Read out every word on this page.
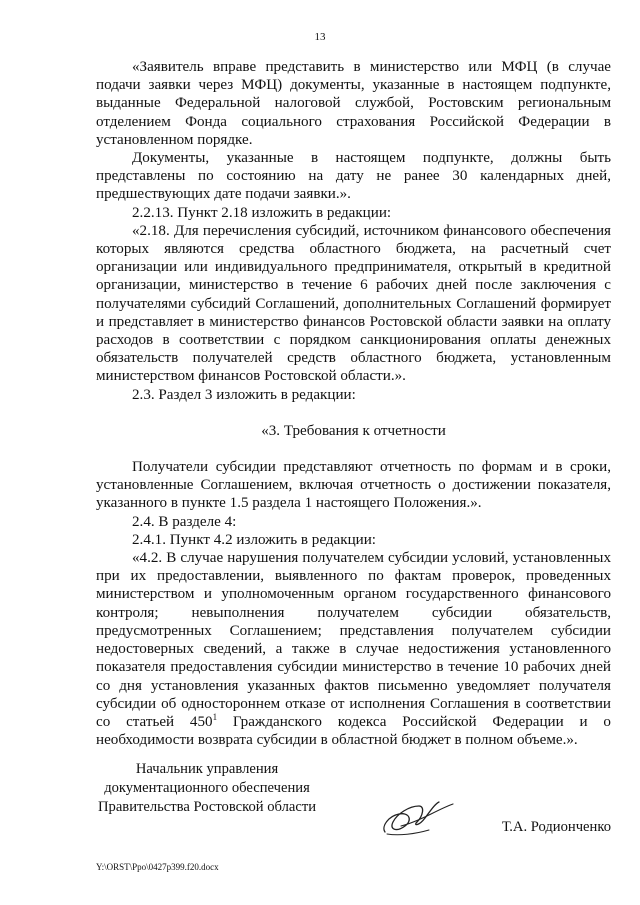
13

«Заявитель вправе представить в министерство или МФЦ (в случае подачи заявки через МФЦ) документы, указанные в настоящем подпункте, выданные Федеральной налоговой службой, Ростовским региональным отделением Фонда социального страхования Российской Федерации в установленном порядке.

Документы, указанные в настоящем подпункте, должны быть представлены по состоянию на дату не ранее 30 календарных дней, предшествующих дате подачи заявки.».

2.2.13. Пункт 2.18 изложить в редакции:

«2.18. Для перечисления субсидий, источником финансового обеспечения которых являются средства областного бюджета, на расчетный счет организации или индивидуального предпринимателя, открытый в кредитной организации, министерство в течение 6 рабочих дней после заключения с получателями субсидий Соглашений, дополнительных Соглашений формирует и представляет в министерство финансов Ростовской области заявки на оплату расходов в соответствии с порядком санкционирования оплаты денежных обязательств получателей средств областного бюджета, установленным министерством финансов Ростовской области.».

2.3. Раздел 3 изложить в редакции:

«3. Требования к отчетности

Получатели субсидии представляют отчетность по формам и в сроки, установленные Соглашением, включая отчетность о достижении показателя, указанного в пункте 1.5 раздела 1 настоящего Положения.».

2.4. В разделе 4:

2.4.1. Пункт 4.2 изложить в редакции:

«4.2. В случае нарушения получателем субсидии условий, установленных при их предоставлении, выявленного по фактам проверок, проведенных министерством и уполномоченным органом государственного финансового контроля; невыполнения получателем субсидии обязательств, предусмотренных Соглашением; представления получателем субсидии недостоверных сведений, а также в случае недостижения установленного показателя предоставления субсидии министерство в течение 10 рабочих дней со дня установления указанных фактов письменно уведомляет получателя субсидии об одностороннем отказе от исполнения Соглашения в соответствии со статьей $450^1$ Гражданского кодекса Российской Федерации и о необходимости возврата субсидии в областной бюджет в полном объеме.».

Начальник управления
документационного обеспечения
Правительства Ростовской области
Т.А. Родионченко
Y:\ORST\Ppo\0427p399.f20.docx
